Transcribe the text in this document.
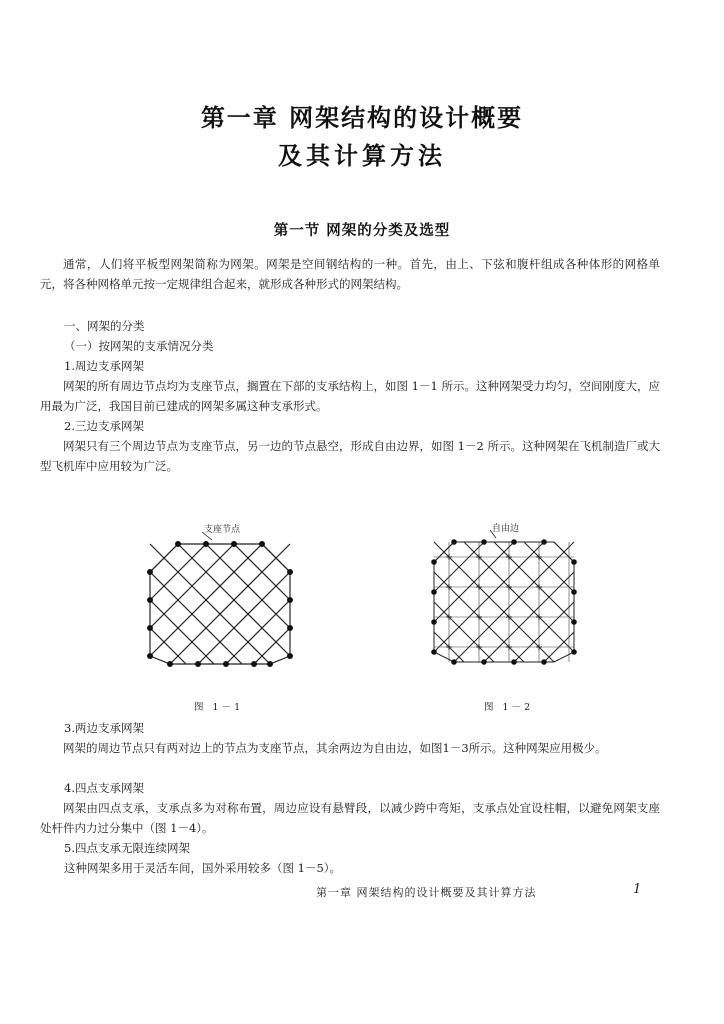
第一章 网架结构的设计概要
及其计算方法
第一节 网架的分类及选型
通常，人们将平板型网架简称为网架。网架是空间钢结构的一种。首先，由上、下弦和腹杆组成各种体形的网格单元，将各种网格单元按一定规律组合起来，就形成各种形式的网架结构。
一、网架的分类
（一）按网架的支承情况分类
1.周边支承网架
网架的所有周边节点均为支座节点，搁置在下部的支承结构上，如图 1－1 所示。这种网架受力均匀，空间刚度大，应用最为广泛，我国目前已建成的网架多属这种支承形式。
2.三边支承网架
网架只有三个周边节点为支座节点，另一边的节点悬空，形成自由边界，如图 1－2 所示。这种网架在飞机制造厂或大型飞机库中应用较为广泛。
支座节点
图 1－1
自由边
图 1－2
3.两边支承网架
网架的周边节点只有两对边上的节点为支座节点，其余两边为自由边，如图1－3所示。这种网架应用极少。
4.四点支承网架
网架由四点支承，支承点多为对称布置，周边应设有悬臂段，以减少跨中弯矩，支承点处宜设柱帽，以避免网架支座处杆件内力过分集中（图 1－4）。
5.四点支承无限连续网架
这种网架多用于灵活车间，国外采用较多（图 1－5）。
第一章 网架结构的设计概要及其计算方法	1
